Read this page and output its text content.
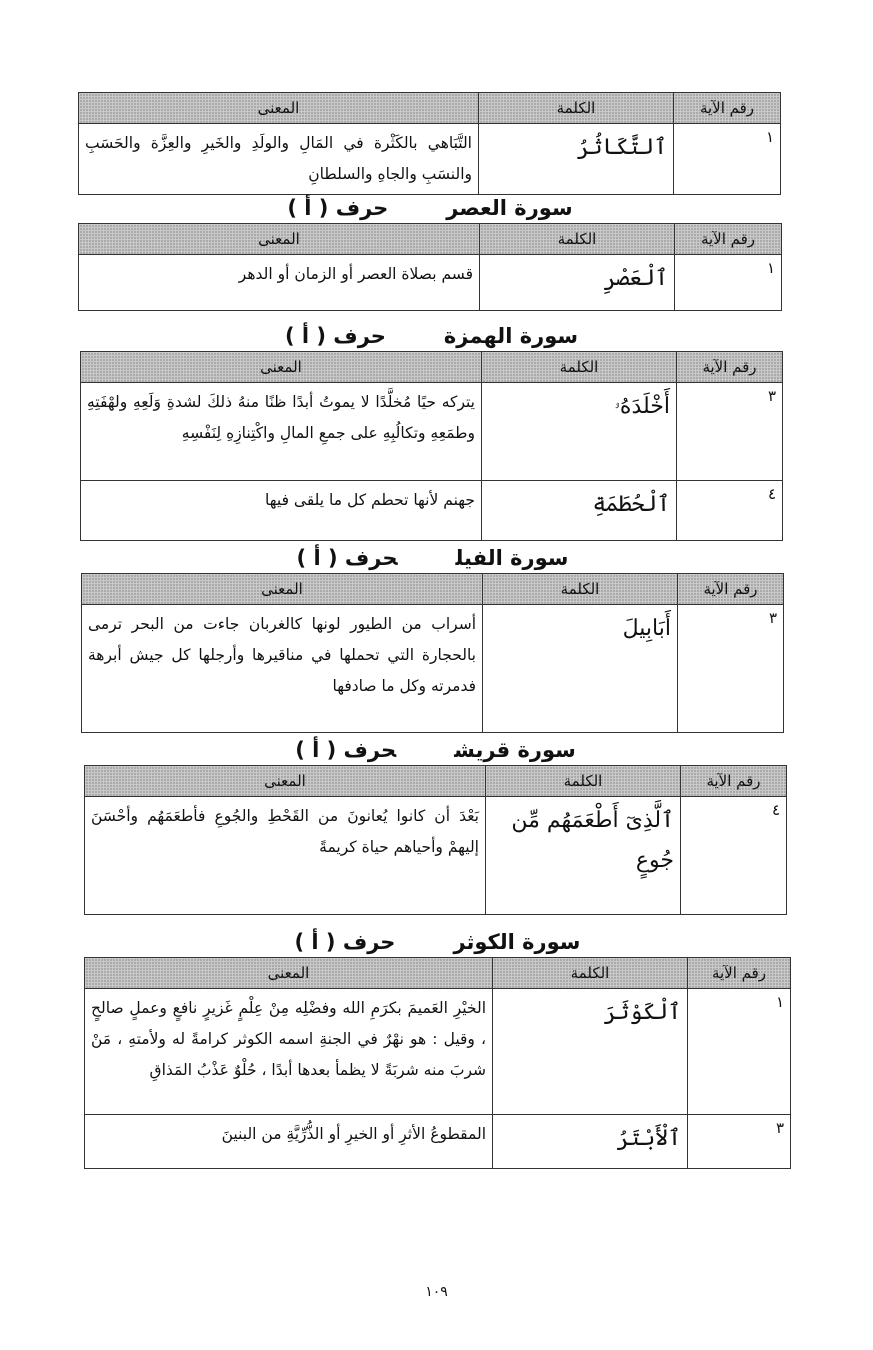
رقم الآية	الكلمة	المعنى
١	ٱلتَّكَاثُرُ	التَّبَاهي بالكَثْرة في المَالِ والولَدِ والخَيرِ والعِزَّة والحَسَبِ والنسَبِ والجاهِ والسلطانِ
سورة العصرحرف ( أ )
رقم الآية	الكلمة	المعنى
١	ٱلْعَصْرِ	قسم بصلاة العصر أو الزمان أو الدهر
سورة الهمزةحرف ( أ )
رقم الآية	الكلمة	المعنى
٣	أَخْلَدَهُۥ	يتركه حيًا مُخلَّدًا لا يموتُ أبدًا ظنًا منهُ ذلكَ لشدةِ وَلَعِهِ ولهْفَتِهِ وطمَعِهِ وتكالُبِهِ على جمعِ المالِ واكْتِنازِهِ لِنَفْسِهِ
٤	ٱلْحُطَمَةِ	جهنم لأنها تحطم كل ما يلقى فيها
سورة الفيلحرف ( أ )
رقم الآية	الكلمة	المعنى
٣	أَبَابِيلَ	أسراب من الطيور لونها كالغربان جاءت من البحر ترمى بالحجارة التي تحملها في مناقيرها وأرجلها كل جيش أبرهة فدمرته وكل ما صادفها
سورة قريشحرف ( أ )
رقم الآية	الكلمة	المعنى
٤	ٱلَّذِىٓ أَطْعَمَهُم مِّن جُوعٍ	بَعْدَ أن كانوا يُعانونَ من القَحْطِ والجُوعِ فأطعَمَهُم وأحْسَنَ إليهمْ وأحياهم حياة كريمةً
سورة الكوثرحرف ( أ )
رقم الآية	الكلمة	المعنى
١	ٱلْكَوْثَرَ	الخيْرِ العَميمَ بكرَمِ الله وفضْلِه مِنْ عِلْمٍ غَزيرٍ نافعٍ وعملٍ صالحٍ ، وقيل : هو نهْرٌ في الجنةِ اسمه الكوثر كرامةً له ولأمتهِ ، مَنْ شربَ منه شربَةً لا يظمأ بعدها أبدًا ، حُلْوٌ عَذْبُ المَذاقِ
٣	ٱلْأَبْتَرُ	المقطوعُ الأثرِ أو الخيرِ أو الذُّرِّيَّةِ من البنينَ
١٠٩
